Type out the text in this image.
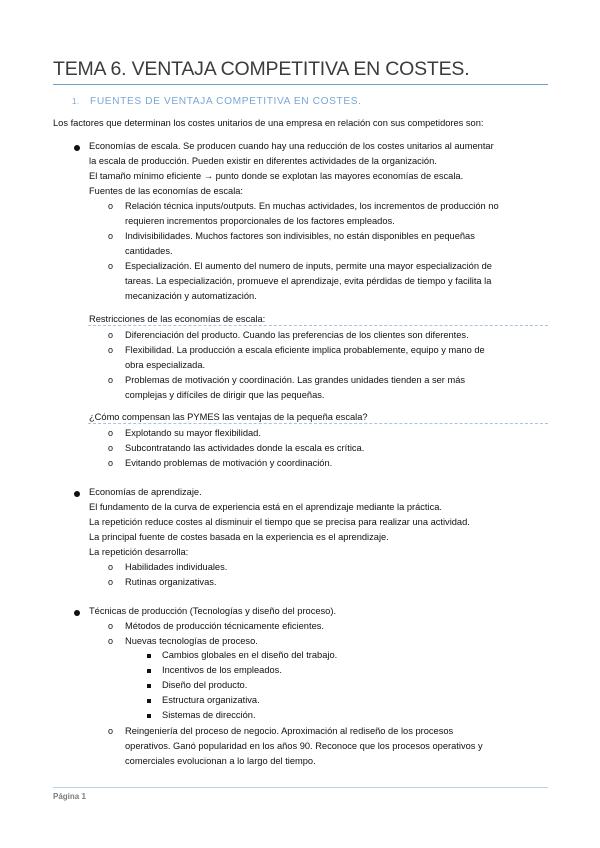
TEMA 6. VENTAJA COMPETITIVA EN COSTES.
1. FUENTES DE VENTAJA COMPETITIVA EN COSTES.
Los factores que determinan los costes unitarios de una empresa en relación con sus competidores son:
Economías de escala. Se producen cuando hay una reducción de los costes unitarios al aumentar
la escala de producción. Pueden existir en diferentes actividades de la organización.
El tamaño mínimo eficiente → punto donde se explotan las mayores economías de escala.
Fuentes de las economías de escala:
o Relación técnica inputs/outputs. En muchas actividades, los incrementos de producción no
requieren incrementos proporcionales de los factores empleados.
o Indivisibilidades. Muchos factores son indivisibles, no están disponibles en pequeñas
cantidades.
o Especialización. El aumento del numero de inputs, permite una mayor especialización de
tareas. La especialización, promueve el aprendizaje, evita pérdidas de tiempo y facilita la
mecanización y automatización.
Restricciones de las economías de escala:
o Diferenciación del producto. Cuando las preferencias de los clientes son diferentes.
o Flexibilidad. La producción a escala eficiente implica probablemente, equipo y mano de
obra especializada.
o Problemas de motivación y coordinación. Las grandes unidades tienden a ser más
complejas y difíciles de dirigir que las pequeñas.
¿Cómo compensan las PYMES las ventajas de la pequeña escala?
o Explotando su mayor flexibilidad.
o Subcontratando las actividades donde la escala es crítica.
o Evitando problemas de motivación y coordinación.
Economías de aprendizaje.
El fundamento de la curva de experiencia está en el aprendizaje mediante la práctica.
La repetición reduce costes al disminuir el tiempo que se precisa para realizar una actividad.
La principal fuente de costes basada en la experiencia es el aprendizaje.
La repetición desarrolla:
o Habilidades individuales.
o Rutinas organizativas.
Técnicas de producción (Tecnologías y diseño del proceso).
o Métodos de producción técnicamente eficientes.
o Nuevas tecnologías de proceso.
Cambios globales en el diseño del trabajo.
Incentivos de los empleados.
Diseño del producto.
Estructura organizativa.
Sistemas de dirección.
o Reingeniería del proceso de negocio. Aproximación al rediseño de los procesos
operativos. Ganó popularidad en los años 90. Reconoce que los procesos operativos y
comerciales evolucionan a lo largo del tiempo.
Página 1
